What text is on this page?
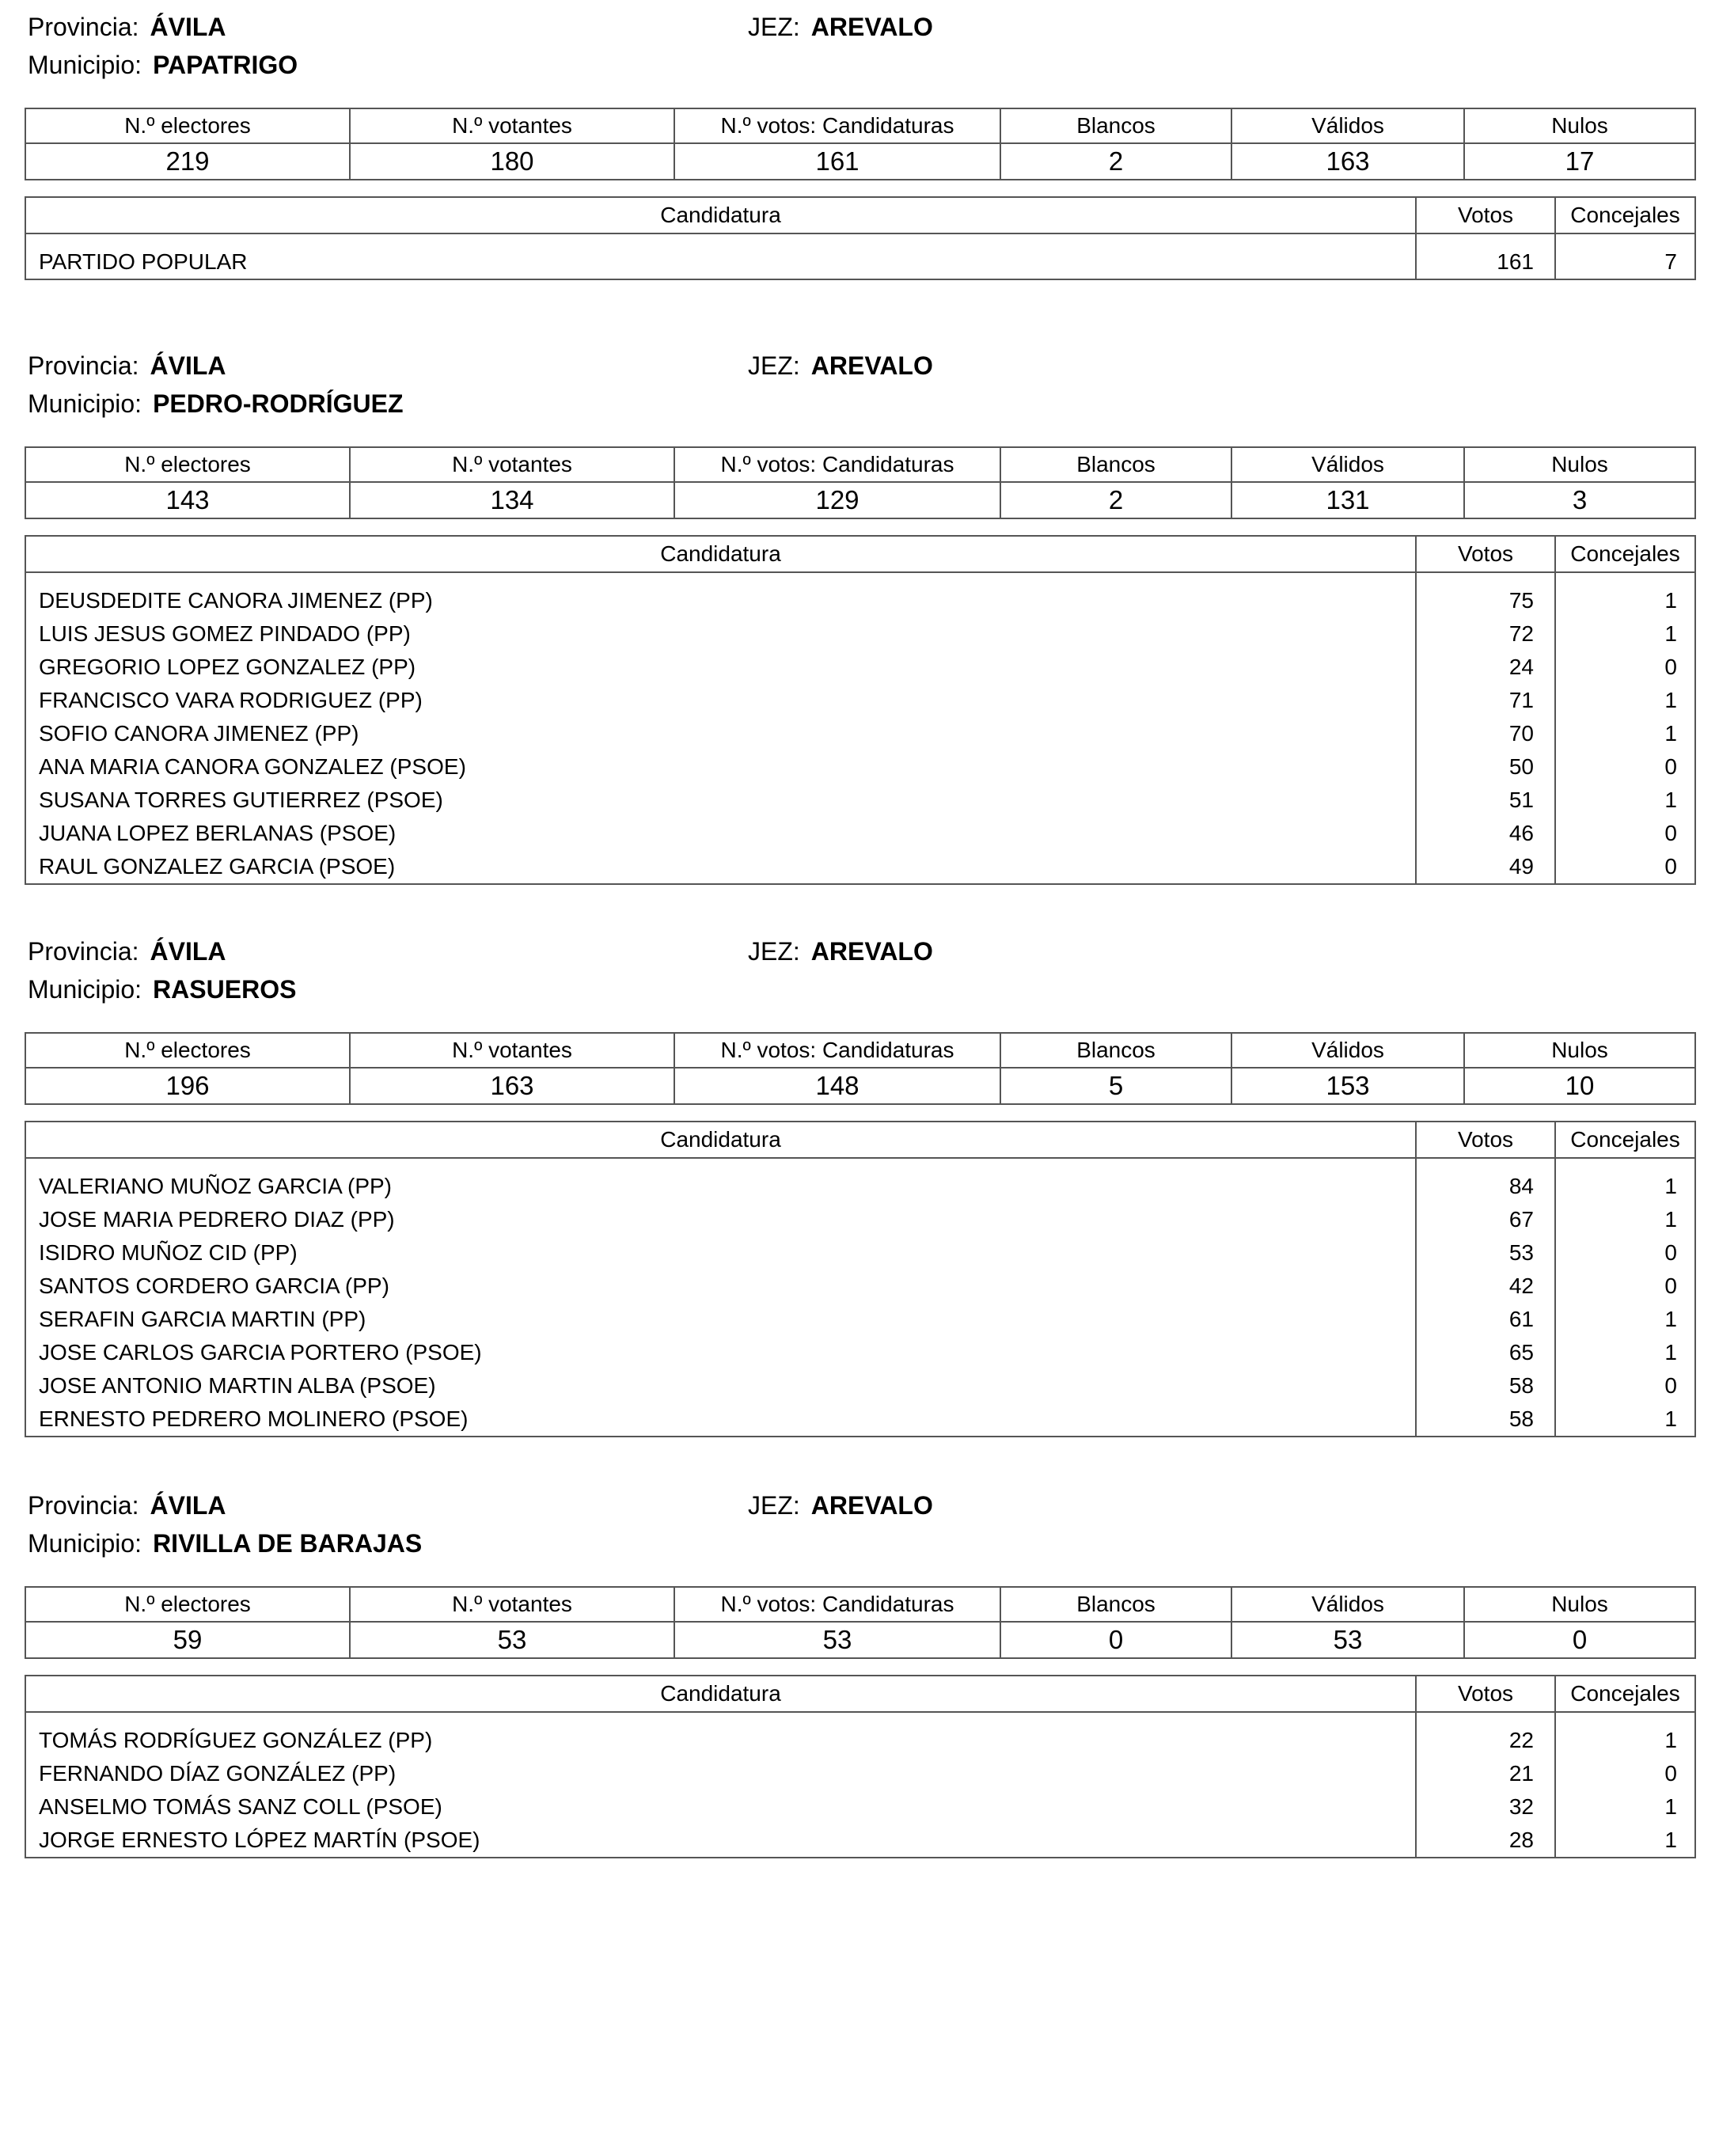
Provincia: ÁVILA	JEZ: AREVALO
Municipio: PAPATRIGO
N.º electores	N.º votantes	N.º votos: Candidaturas	Blancos	Válidos	Nulos
219	180	161	2	163	17
Candidatura	Votos	Concejales

PARTIDO POPULAR	161	7
Provincia: ÁVILA	JEZ: AREVALO
Municipio: PEDRO-RODRÍGUEZ
N.º electores	N.º votantes	N.º votos: Candidaturas	Blancos	Válidos	Nulos
143	134	129	2	131	3
Candidatura	Votos	Concejales

DEUSDEDITE CANORA JIMENEZ (PP)	75	1
LUIS JESUS GOMEZ PINDADO (PP)	72	1
GREGORIO LOPEZ GONZALEZ (PP)	24	0
FRANCISCO VARA RODRIGUEZ (PP)	71	1
SOFIO CANORA JIMENEZ (PP)	70	1
ANA MARIA CANORA GONZALEZ (PSOE)	50	0
SUSANA TORRES GUTIERREZ (PSOE)	51	1
JUANA LOPEZ BERLANAS (PSOE)	46	0
RAUL GONZALEZ GARCIA (PSOE)	49	0
Provincia: ÁVILA	JEZ: AREVALO
Municipio: RASUEROS
N.º electores	N.º votantes	N.º votos: Candidaturas	Blancos	Válidos	Nulos
196	163	148	5	153	10
Candidatura	Votos	Concejales

VALERIANO MUÑOZ GARCIA (PP)	84	1
JOSE MARIA PEDRERO DIAZ (PP)	67	1
ISIDRO MUÑOZ CID (PP)	53	0
SANTOS CORDERO GARCIA (PP)	42	0
SERAFIN GARCIA MARTIN (PP)	61	1
JOSE CARLOS GARCIA PORTERO (PSOE)	65	1
JOSE ANTONIO MARTIN ALBA (PSOE)	58	0
ERNESTO PEDRERO MOLINERO (PSOE)	58	1
Provincia: ÁVILA	JEZ: AREVALO
Municipio: RIVILLA DE BARAJAS
N.º electores	N.º votantes	N.º votos: Candidaturas	Blancos	Válidos	Nulos
59	53	53	0	53	0
Candidatura	Votos	Concejales

TOMÁS RODRÍGUEZ GONZÁLEZ (PP)	22	1
FERNANDO DÍAZ GONZÁLEZ (PP)	21	0
ANSELMO TOMÁS SANZ COLL (PSOE)	32	1
JORGE ERNESTO LÓPEZ MARTÍN (PSOE)	28	1
